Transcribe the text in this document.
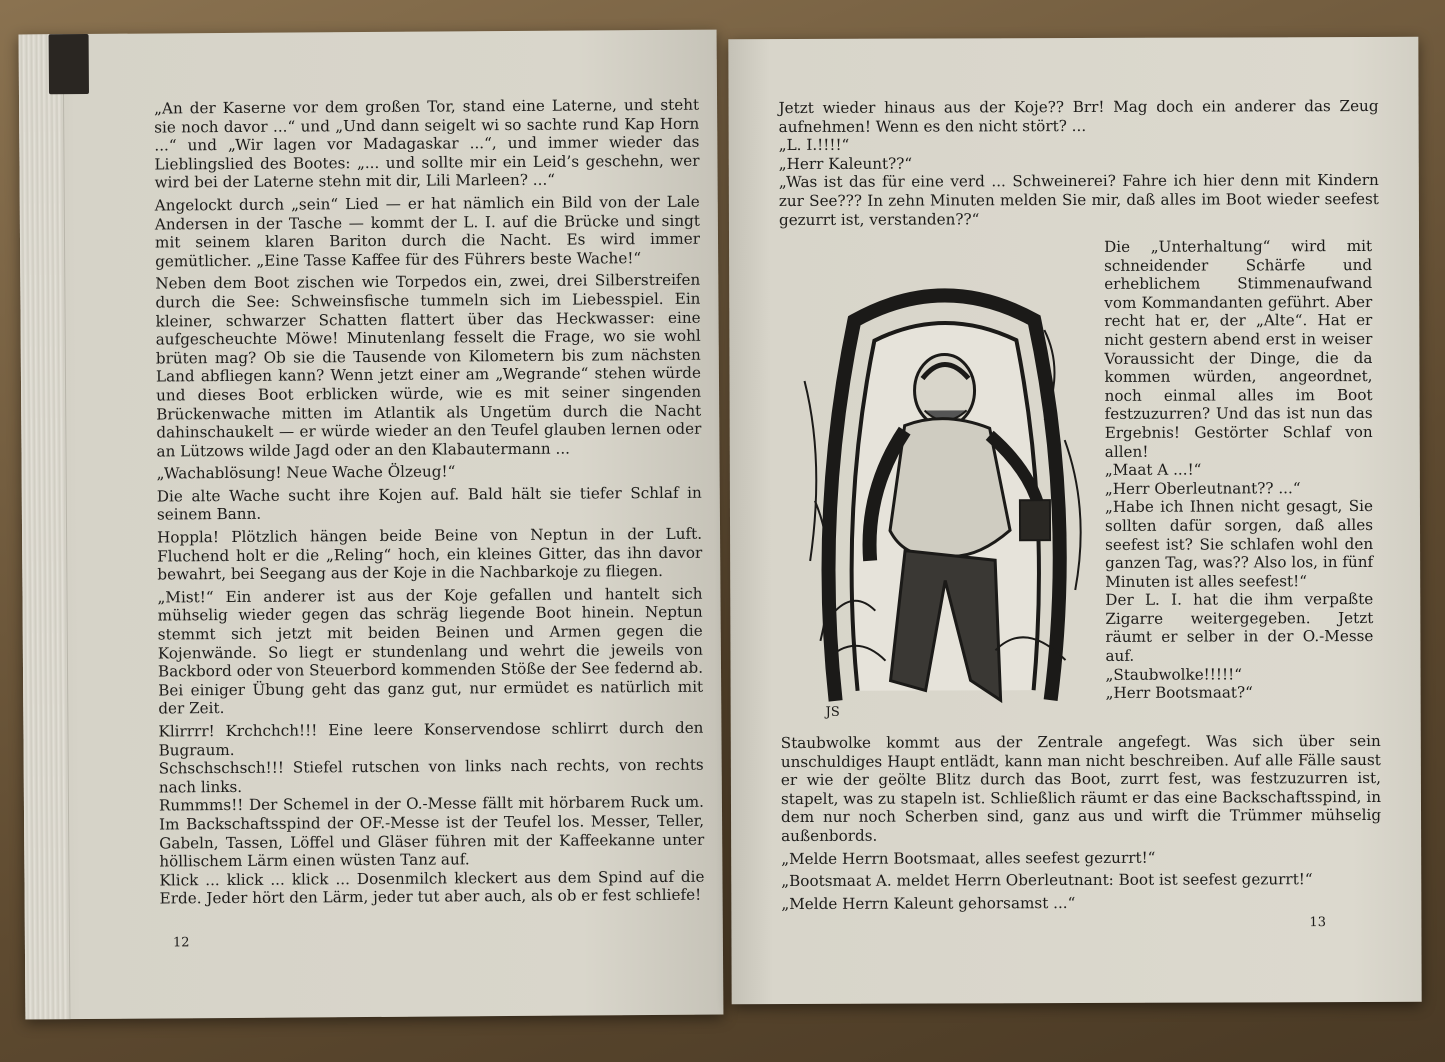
„An der Kaserne vor dem großen Tor, stand eine Laterne, und steht sie noch davor ...“ und „Und dann seigelt wi so sachte rund Kap Horn ...“ und „Wir lagen vor Madagaskar ...“, und immer wieder das Lieblingslied des Bootes: „... und sollte mir ein Leid’s geschehn, wer wird bei der Laterne stehn mit dir, Lili Marleen? ...“

Angelockt durch „sein“ Lied — er hat nämlich ein Bild von der Lale Andersen in der Tasche — kommt der L. I. auf die Brücke und singt mit seinem klaren Bariton durch die Nacht. Es wird immer gemütlicher. „Eine Tasse Kaffee für des Führers beste Wache!“

Neben dem Boot zischen wie Torpedos ein, zwei, drei Silberstreifen durch die See: Schweinsfische tummeln sich im Liebesspiel. Ein kleiner, schwarzer Schatten flattert über das Heckwasser: eine aufgescheuchte Möwe! Minutenlang fesselt die Frage, wo sie wohl brüten mag? Ob sie die Tausende von Kilometern bis zum nächsten Land abfliegen kann? Wenn jetzt einer am „Wegrande“ stehen würde und dieses Boot erblicken würde, wie es mit seiner singenden Brückenwache mitten im Atlantik als Ungetüm durch die Nacht dahinschaukelt — er würde wieder an den Teufel glauben lernen oder an Lützows wilde Jagd oder an den Klabautermann ...

„Wachablösung! Neue Wache Ölzeug!“

Die alte Wache sucht ihre Kojen auf. Bald hält sie tiefer Schlaf in seinem Bann.

Hoppla! Plötzlich hängen beide Beine von Neptun in der Luft. Fluchend holt er die „Reling“ hoch, ein kleines Gitter, das ihn davor bewahrt, bei Seegang aus der Koje in die Nachbarkoje zu fliegen.

„Mist!“ Ein anderer ist aus der Koje gefallen und hantelt sich mühselig wieder gegen das schräg liegende Boot hinein. Neptun stemmt sich jetzt mit beiden Beinen und Armen gegen die Kojenwände. So liegt er stundenlang und wehrt die jeweils von Backbord oder von Steuerbord kommenden Stöße der See federnd ab. Bei einiger Übung geht das ganz gut, nur ermüdet es natürlich mit der Zeit.

Klirrrr! Krchchch!!! Eine leere Konservendose schlirrt durch den Bugraum.

Schschschsch!!! Stiefel rutschen von links nach rechts, von rechts nach links.

Rummms!! Der Schemel in der O.-Messe fällt mit hörbarem Ruck um. Im Backschaftsspind der OF.-Messe ist der Teufel los. Messer, Teller, Gabeln, Tassen, Löffel und Gläser führen mit der Kaffeekanne unter höllischem Lärm einen wüsten Tanz auf.

Klick ... klick ... klick ... Dosenmilch kleckert aus dem Spind auf die Erde. Jeder hört den Lärm, jeder tut aber auch, als ob er fest schliefe!

12

Jetzt wieder hinaus aus der Koje?? Brr! Mag doch ein anderer das Zeug aufnehmen! Wenn es den nicht stört? ...

„L. I.!!!!“

„Herr Kaleunt??“

„Was ist das für eine verd ... Schweinerei? Fahre ich hier denn mit Kindern zur See??? In zehn Minuten melden Sie mir, daß alles im Boot wieder seefest gezurrt ist, verstanden??“

JS

Die „Unterhaltung“ wird mit schneidender Schärfe und erheblichem Stimmenaufwand vom Kommandanten geführt. Aber recht hat er, der „Alte“. Hat er nicht gestern abend erst in weiser Voraussicht der Dinge, die da kommen würden, angeordnet, noch einmal alles im Boot festzuzurren? Und das ist nun das Ergebnis! Gestörter Schlaf von allen!

„Maat A ...!“

„Herr Oberleutnant?? ...“

„Habe ich Ihnen nicht gesagt, Sie sollten dafür sorgen, daß alles seefest ist? Sie schlafen wohl den ganzen Tag, was?? Also los, in fünf Minuten ist alles seefest!“

Der L. I. hat die ihm verpaßte Zigarre weitergegeben. Jetzt räumt er selber in der O.-Messe auf.

„Staubwolke!!!!!“

„Herr Bootsmaat?“

Staubwolke kommt aus der Zentrale angefegt. Was sich über sein unschuldiges Haupt entlädt, kann man nicht beschreiben. Auf alle Fälle saust er wie der geölte Blitz durch das Boot, zurrt fest, was festzuzurren ist, stapelt, was zu stapeln ist. Schließlich räumt er das eine Backschaftsspind, in dem nur noch Scherben sind, ganz aus und wirft die Trümmer mühselig außenbords.

„Melde Herrn Bootsmaat, alles seefest gezurrt!“

„Bootsmaat A. meldet Herrn Oberleutnant: Boot ist seefest gezurrt!“

„Melde Herrn Kaleunt gehorsamst ...“

13
